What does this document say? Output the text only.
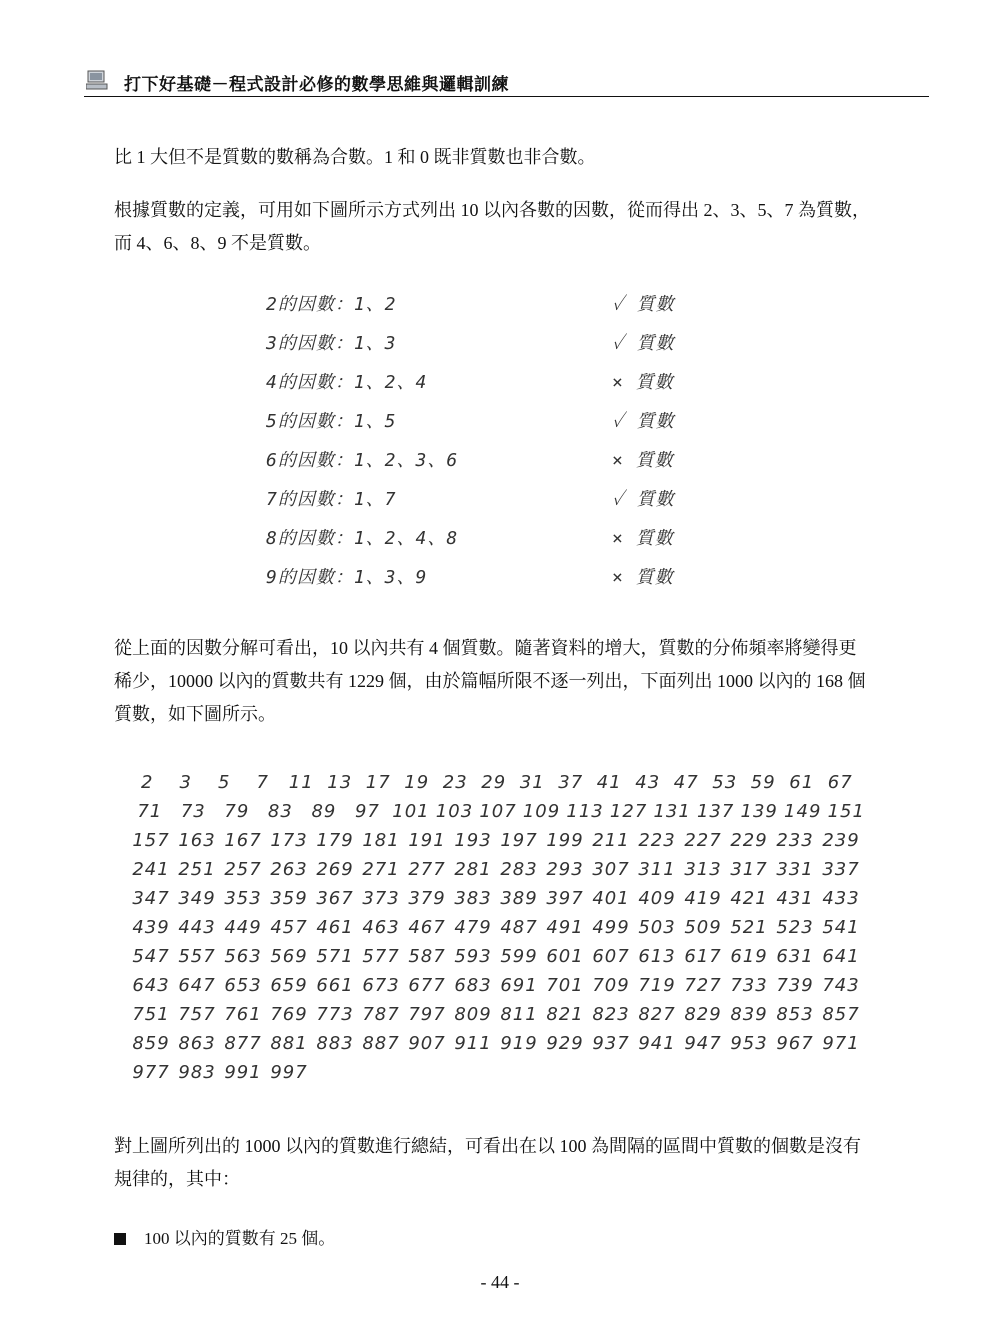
打下好基礎－程式設計必修的數學思維與邏輯訓練

比 1 大但不是質數的數稱為合數。1 和 0 既非質數也非合數。

根據質數的定義，可用如下圖所示方式列出 10 以內各數的因數，從而得出 2、3、5、7 為質數，而 4、6、8、9 不是質數。

2的因數：1、2	✓ 質數
3的因數：1、3	✓ 質數
4的因數：1、2、4	× 質數
5的因數：1、5	✓ 質數
6的因數：1、2、3、6	× 質數
7的因數：1、7	✓ 質數
8的因數：1、2、4、8	× 質數
9的因數：1、3、9	× 質數

從上面的因數分解可看出，10 以內共有 4 個質數。隨著資料的增大，質數的分佈頻率將變得更稀少，10000 以內的質數共有 1229 個，由於篇幅所限不逐一列出，下面列出 1000 以內的 168 個質數，如下圖所示。

2	3	5	7	11 13 17 19 23 29 31 37 41 43 47 53 59 61 67
71	73	79	83	89	97 101 103 107 109 113 127 131 137 139 149 151
157 163 167 173 179 181 191 193 197 199 211 223 227 229 233 239
241 251 257 263 269 271 277 281 283 293 307 311 313 317 331 337
347 349 353 359 367 373 379 383 389 397 401 409 419 421 431 433
439 443 449 457 461 463 467 479 487 491 499 503 509 521 523 541
547 557 563 569 571 577 587 593 599 601 607 613 617 619 631 641
643 647 653 659 661 673 677 683 691 701 709 719 727 733 739 743
751 757 761 769 773 787 797 809 811 821 823 827 829 839 853 857
859 863 877 881 883 887 907 911 919 929 937 941 947 953 967 971
977 983 991 997

對上圖所列出的 1000 以內的質數進行總結，可看出在以 100 為間隔的區間中質數的個數是沒有規律的，其中：

100 以內的質數有 25 個。
- 44 -
